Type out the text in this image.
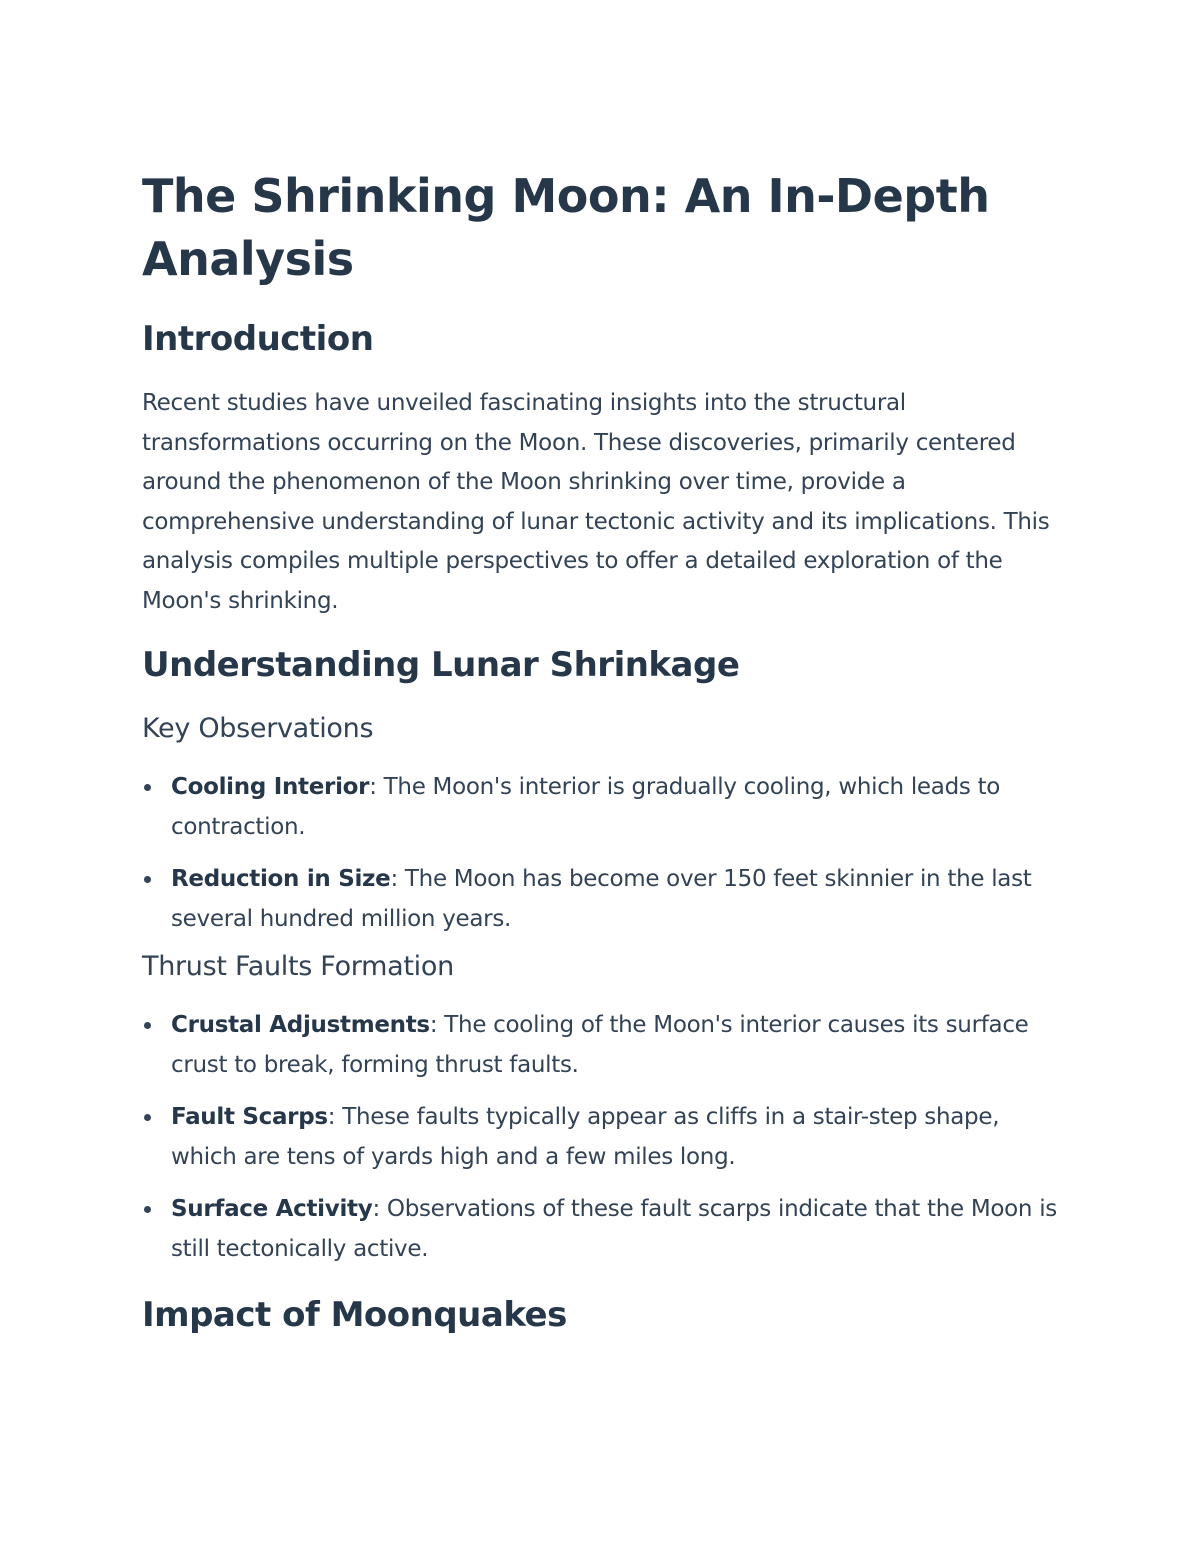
The Shrinking Moon: An In-Depth Analysis
Introduction

Recent studies have unveiled fascinating insights into the structural transformations occurring on the Moon. These discoveries, primarily centered around the phenomenon of the Moon shrinking over time, provide a comprehensive understanding of lunar tectonic activity and its implications. This analysis compiles multiple perspectives to offer a detailed exploration of the Moon's shrinking.

Understanding Lunar Shrinkage
Key Observations
Cooling Interior: The Moon's interior is gradually cooling, which leads to contraction.
Reduction in Size: The Moon has become over 150 feet skinnier in the last several hundred million years.
Thrust Faults Formation
Crustal Adjustments: The cooling of the Moon's interior causes its surface crust to break, forming thrust faults.
Fault Scarps: These faults typically appear as cliffs in a stair-step shape, which are tens of yards high and a few miles long.
Surface Activity: Observations of these fault scarps indicate that the Moon is still tectonically active.
Impact of Moonquakes
